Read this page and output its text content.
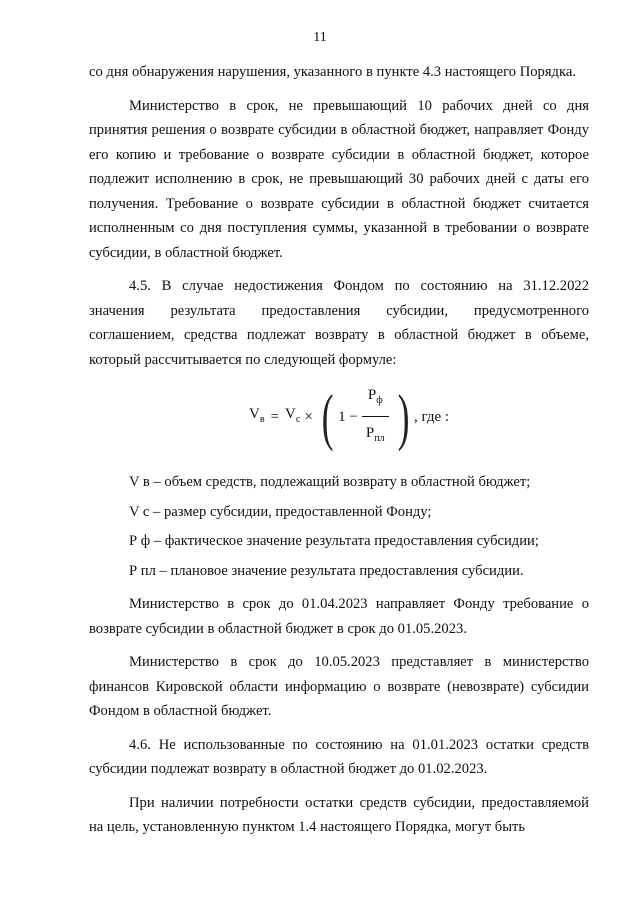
11

со дня обнаружения нарушения, указанного в пункте 4.3 настоящего Порядка.

Министерство в срок, не превышающий 10 рабочих дней со дня принятия решения о возврате субсидии в областной бюджет, направляет Фонду его копию и требование о возврате субсидии в областной бюджет, которое подлежит исполнению в срок, не превышающий 30 рабочих дней с даты его получения. Требование о возврате субсидии в областной бюджет считается исполненным со дня поступления суммы, указанной в требовании о возврате субсидии, в областной бюджет.

4.5. В случае недостижения Фондом по состоянию на 31.12.2022 значения результата предоставления субсидии, предусмотренного соглашением, средства подлежат возврату в областной бюджет в объеме, который рассчитывается по следующей формуле:

$V_в = V_с$ × ( $1 - \frac{P_ф}{P_{пл}}$ ) , где :

V в – объем средств, подлежащий возврату в областной бюджет;

V с – размер субсидии, предоставленной Фонду;

Р ф – фактическое значение результата предоставления субсидии;

Р пл – плановое значение результата предоставления субсидии.

Министерство в срок до 01.04.2023 направляет Фонду требование о возврате субсидии в областной бюджет в срок до 01.05.2023.

Министерство в срок до 10.05.2023 представляет в министерство финансов Кировской области информацию о возврате (невозврате) субсидии Фондом в областной бюджет.

4.6. Не использованные по состоянию на 01.01.2023 остатки средств субсидии подлежат возврату в областной бюджет до 01.02.2023.

При наличии потребности остатки средств субсидии, предоставляемой на цель, установленную пунктом 1.4 настоящего Порядка, могут быть
